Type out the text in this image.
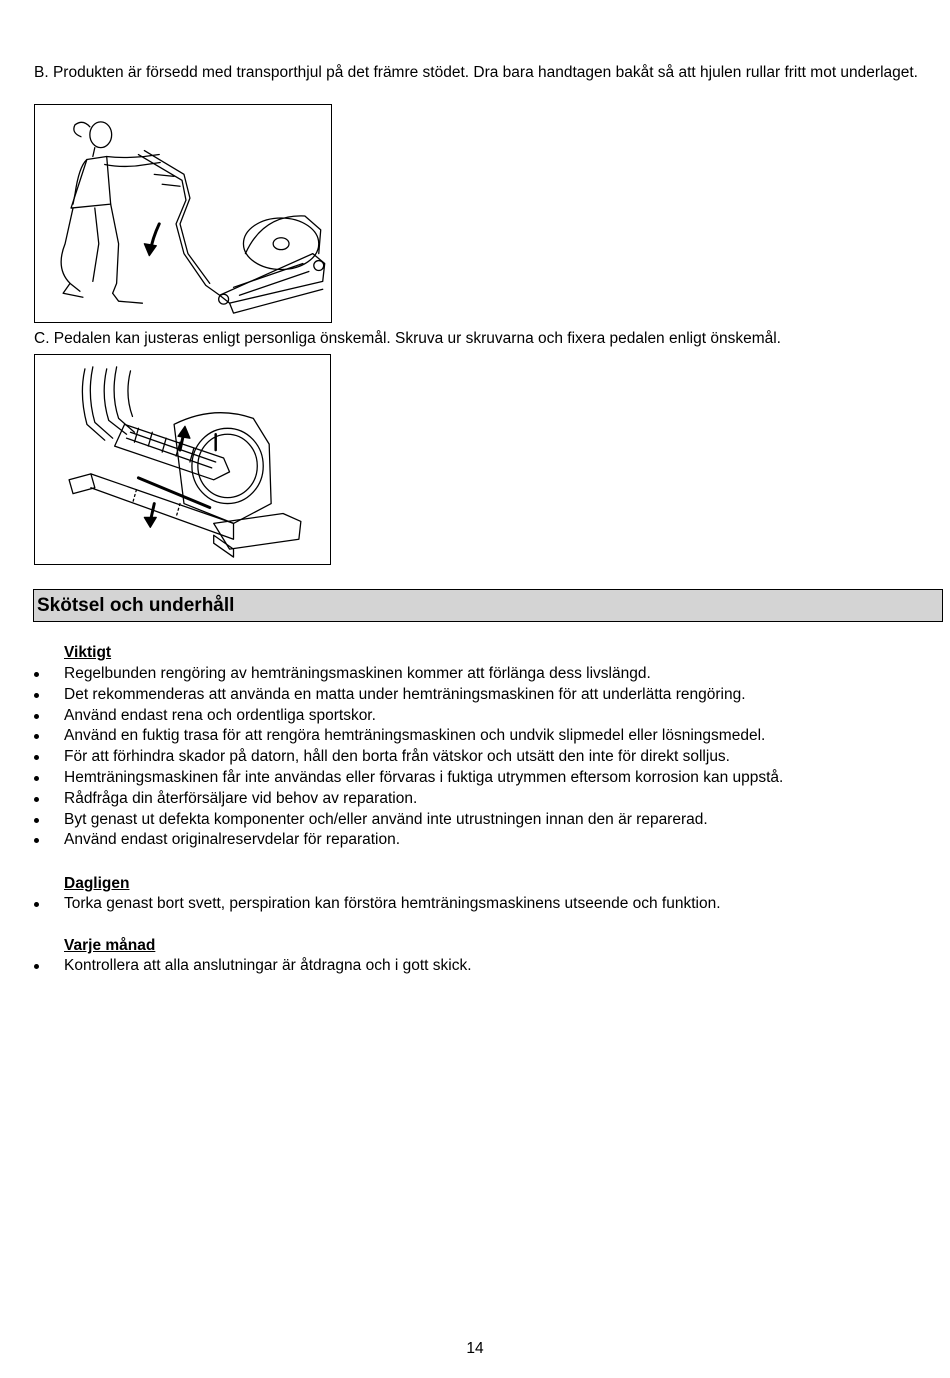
B. Produkten är försedd med transporthjul på det främre stödet. Dra bara handtagen bakåt så att hjulen rullar fritt mot underlaget.

C. Pedalen kan justeras enligt personliga önskemål. Skruva ur skruvarna och fixera pedalen enligt önskemål.

Skötsel och underhåll
Viktigt
Regelbunden rengöring av hemträningsmaskinen kommer att förlänga dess livslängd.
Det rekommenderas att använda en matta under hemträningsmaskinen för att underlätta rengöring.
Använd endast rena och ordentliga sportskor.
Använd en fuktig trasa för att rengöra hemträningsmaskinen och undvik slipmedel eller lösningsmedel.
För att förhindra skador på datorn, håll den borta från vätskor och utsätt den inte för direkt solljus.
Hemträningsmaskinen får inte användas eller förvaras i fuktiga utrymmen eftersom korrosion kan uppstå.
Rådfråga din återförsäljare vid behov av reparation.
Byt genast ut defekta komponenter och/eller använd inte utrustningen innan den är reparerad.
Använd endast originalreservdelar för reparation.
Dagligen
Torka genast bort svett, perspiration kan förstöra hemträningsmaskinens utseende och funktion.
Varje månad
Kontrollera att alla anslutningar är åtdragna och i gott skick.
14
